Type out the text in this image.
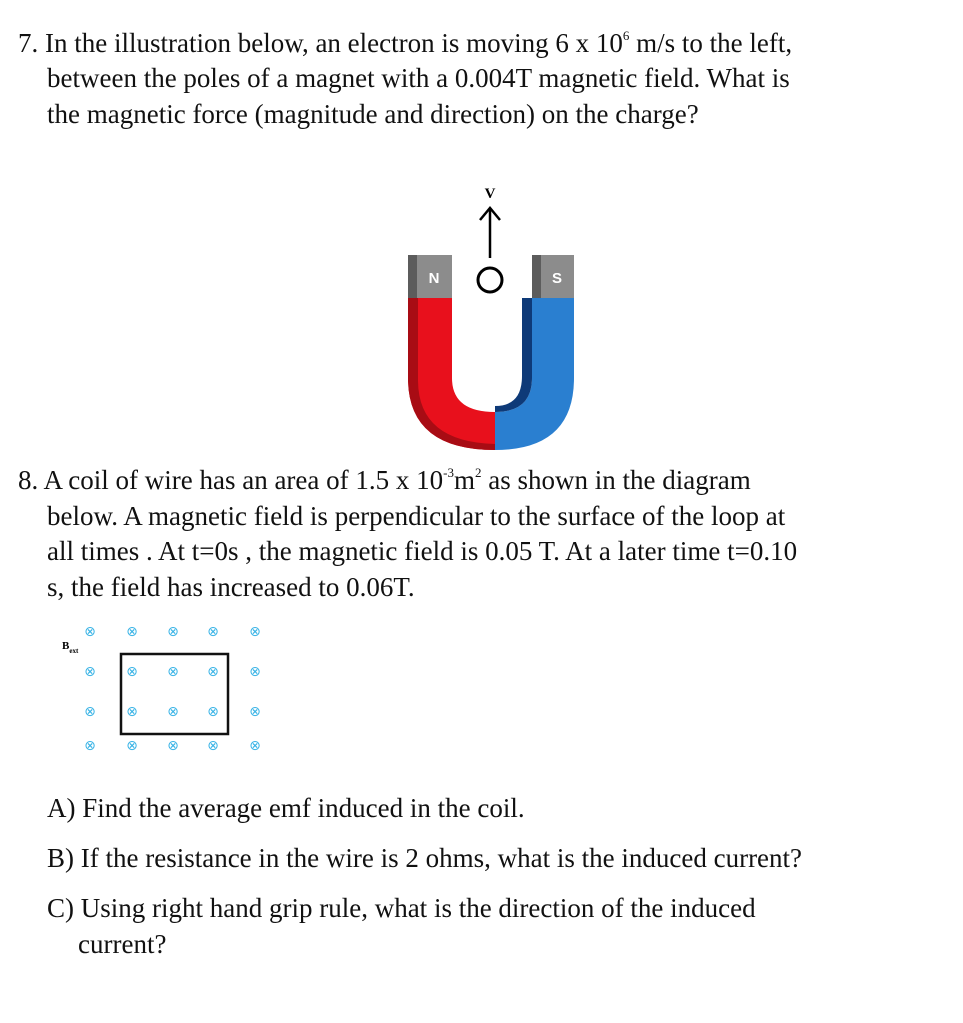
7. In the illustration below, an electron is moving 6 x $10^6$ m/s to the left,
between the poles of a magnet with a 0.004T magnetic field. What is
the magnetic force (magnitude and direction) on the charge?
V
N	S
8. A coil of wire has an area of 1.5 x $10^{-3}m^2$ as shown in the diagram
below. A magnetic field is perpendicular to the surface of the loop at
all times . At t=0s , the magnetic field is 0.05 T. At a later time t=0.10
s, the field has increased to 0.06T.
$B_{ext}$
⊗ ⊗ ⊗ ⊗ ⊗
⊗ ⊗ ⊗ ⊗ ⊗
⊗ ⊗ ⊗ ⊗ ⊗
⊗ ⊗ ⊗ ⊗ ⊗
A) Find the average emf induced in the coil.
B) If the resistance in the wire is 2 ohms, what is the induced current?
C) Using right hand grip rule, what is the direction of the induced
current?
